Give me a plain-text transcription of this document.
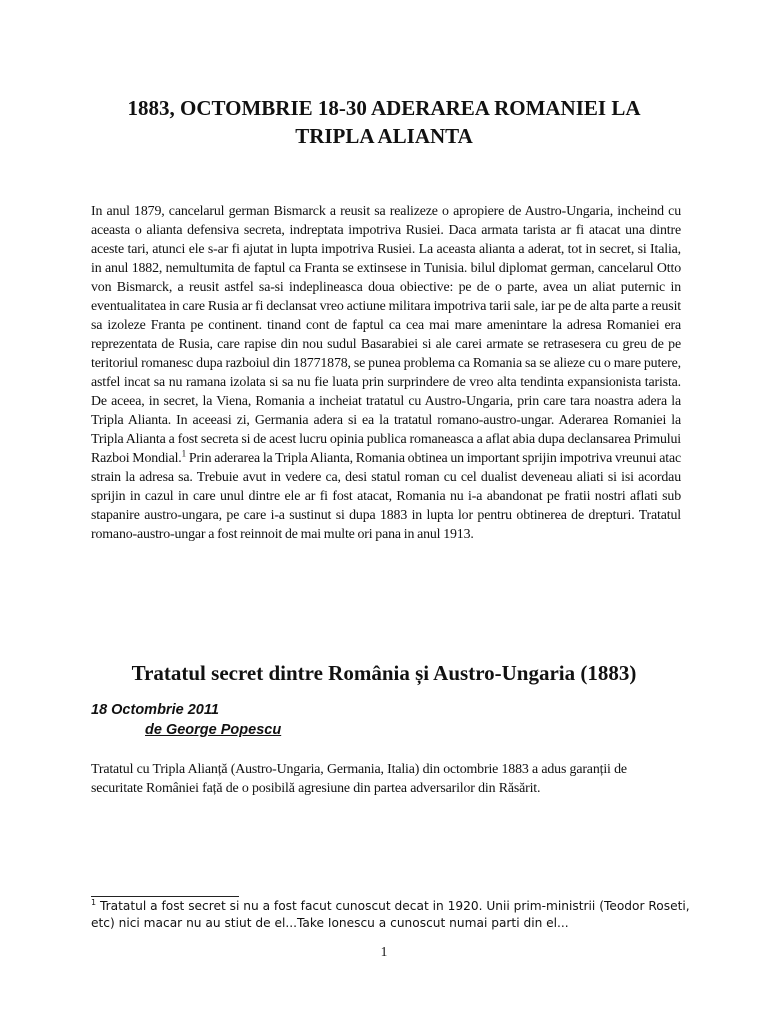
1883, OCTOMBRIE 18-30 ADERAREA ROMANIEI LA TRIPLA ALIANTA

In anul 1879, cancelarul german Bismarck a reusit sa realizeze o apropiere de Austro-Ungaria, incheind cu aceasta o alianta defensiva secreta, indreptata impotriva Rusiei. Daca armata tarista ar fi atacat una dintre aceste tari, atunci ele s-ar fi ajutat in lupta impotriva Rusiei. La aceasta alianta a aderat, tot in secret, si Italia, in anul 1882, nemultumita de faptul ca Franta se extinsese in Tunisia. bilul diplomat german, cancelarul Otto von Bismarck, a reusit astfel sa-si indeplineasca doua obiective: pe de o parte, avea un aliat puternic in eventualitatea in care Rusia ar fi declansat vreo actiune militara impotriva tarii sale, iar pe de alta parte a reusit sa izoleze Franta pe continent. tinand cont de faptul ca cea mai mare amenintare la adresa Romaniei era reprezentata de Rusia, care rapise din nou sudul Basarabiei si ale carei armate se retrasesera cu greu de pe teritoriul romanesc dupa razboiul din 18771878, se punea problema ca Romania sa se alieze cu o mare putere, astfel incat sa nu ramana izolata si sa nu fie luata prin surprindere de vreo alta tendinta expansionista tarista. De aceea, in secret, la Viena, Romania a incheiat tratatul cu Austro-Ungaria, prin care tara noastra adera la Tripla Alianta. In aceeasi zi, Germania adera si ea la tratatul romano-austro-ungar. Aderarea Romaniei la Tripla Alianta a fost secreta si de acest lucru opinia publica romaneasca a aflat abia dupa declansarea Primului Razboi Mondial.$^1$ Prin aderarea la Tripla Alianta, Romania obtinea un important sprijin impotriva vreunui atac strain la adresa sa. Trebuie avut in vedere ca, desi statul roman cu cel dualist deveneau aliati si isi acordau sprijin in cazul in care unul dintre ele ar fi fost atacat, Romania nu i-a abandonat pe fratii nostri aflati sub stapanire austro-ungara, pe care i-a sustinut si dupa 1883 in lupta lor pentru obtinerea de drepturi. Tratatul romano-austro-ungar a fost reinnoit de mai multe ori pana in anul 1913.

Tratatul secret dintre România și Austro-Ungaria (1883)

18 Octombrie 2011

de George Popescu

Tratatul cu Tripla Alianță (Austro-Ungaria, Germania, Italia) din octombrie 1883 a adus garanții de securitate României față de o posibilă agresiune din partea adversarilor din Răsărit.

$^1$ Tratatul a fost secret si nu a fost facut cunoscut decat in 1920. Unii prim-ministrii (Teodor Roseti, etc) nici macar nu au stiut de el...Take Ionescu a cunoscut numai parti din el...

1
